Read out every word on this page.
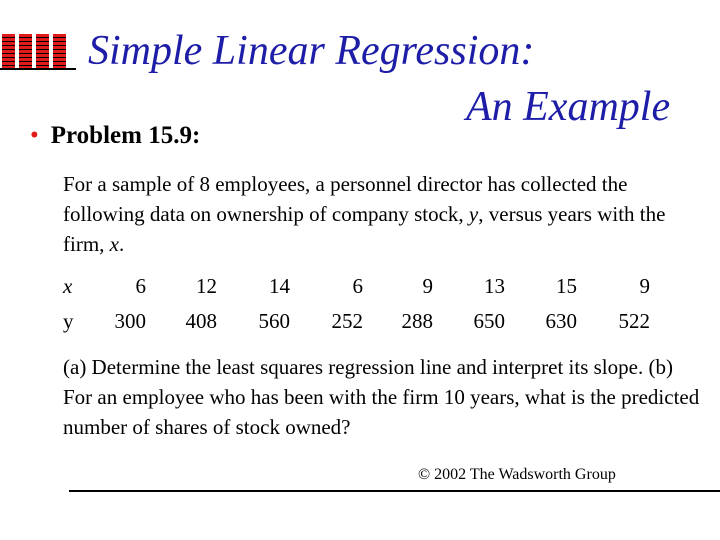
Simple Linear Regression:
An Example
• Problem 15.9:

For a sample of 8 employees, a personnel director has collected the following data on ownership of company stock, y, versus years with the firm, x.

x	6	12	14	6	9	13	15	9
y	300	408	560	252	288	650	630	522

(a) Determine the least squares regression line and interpret its slope. (b) For an employee who has been with the firm 10 years, what is the predicted number of shares of stock owned?

© 2002 The Wadsworth Group
